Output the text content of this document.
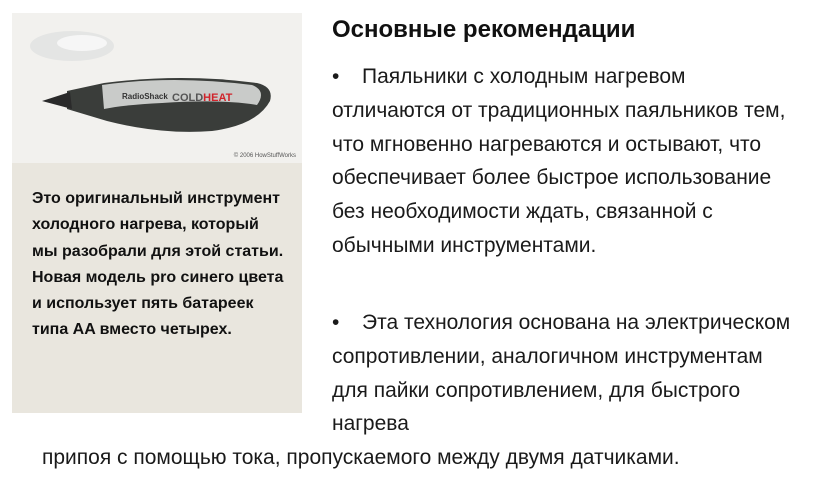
RadioShack COLDHEAT
© 2006 HowStuffWorks
Это оригинальный инструмент холодного нагрева, который мы разобрали для этой статьи. Новая модель pro синего цвета и использует пять батареек типа AA вместо четырех.
Основные рекомендации

• Паяльники с холодным нагревом отличаются от традиционных паяльников тем, что мгновенно нагреваются и остывают, что обеспечивает более быстрое использование без необходимости ждать, связанной с обычными инструментами.

• Эта технология основана на электрическом сопротивлении, аналогичном инструментам для пайки сопротивлением, для быстрого нагрева

припоя с помощью тока, пропускаемого между двумя датчиками.
